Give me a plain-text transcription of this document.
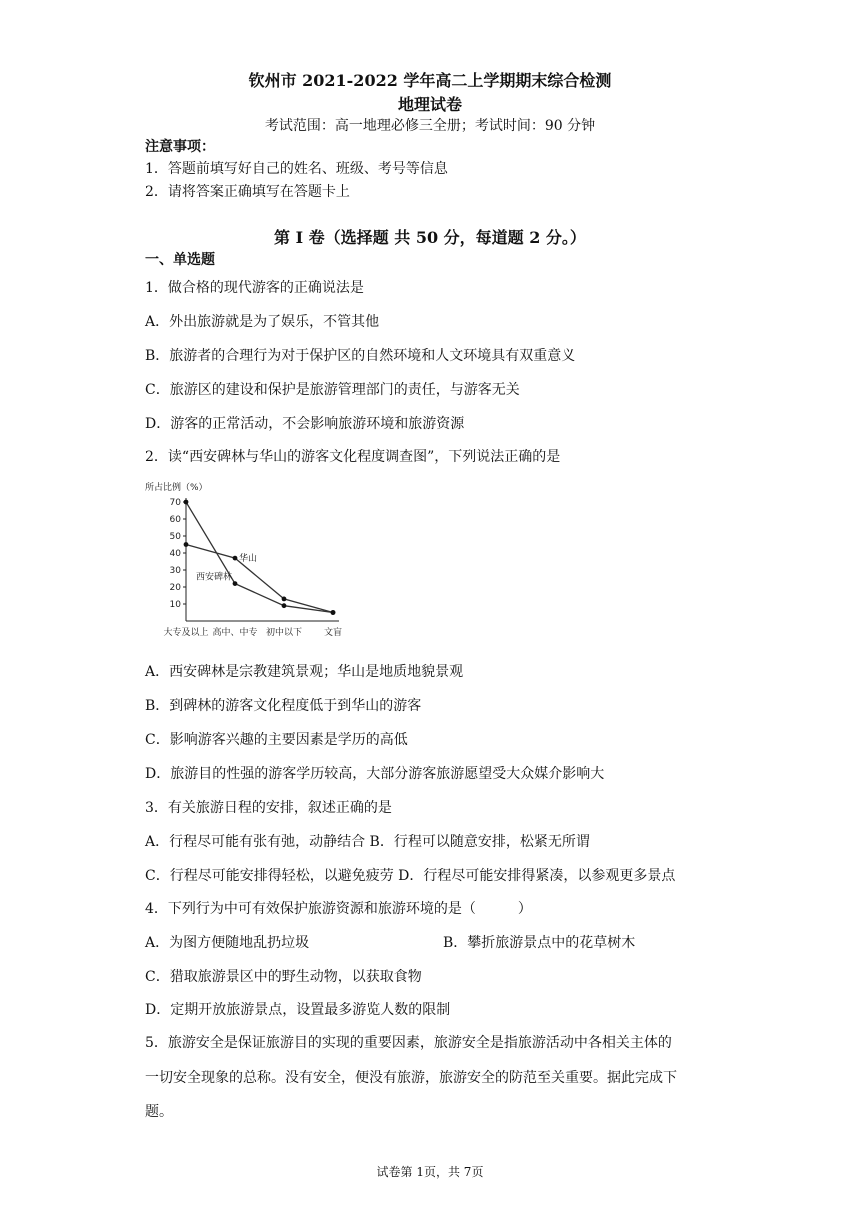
钦州市 2021-2022 学年高二上学期期末综合检测
地理试卷
考试范围：高一地理必修三全册；考试时间：90 分钟
注意事项：
1．答题前填写好自己的姓名、班级、考号等信息
2．请将答案正确填写在答题卡上
第 I 卷（选择题 共 50 分，每道题 2 分。）
一、单选题
1．做合格的现代游客的正确说法是
A．外出旅游就是为了娱乐，不管其他
B．旅游者的合理行为对于保护区的自然环境和人文环境具有双重意义
C．旅游区的建设和保护是旅游管理部门的责任，与游客无关
D．游客的正常活动，不会影响旅游环境和旅游资源
2．读“西安碑林与华山的游客文化程度调查图”，下列说法正确的是
所占比例（%）
10
20
30
40
50
60
70
大专及以上 高中、中专 初中以下 文盲
华山
西安碑林
A．西安碑林是宗教建筑景观；华山是地质地貌景观
B．到碑林的游客文化程度低于到华山的游客
C．影响游客兴趣的主要因素是学历的高低
D．旅游目的性强的游客学历较高，大部分游客旅游愿望受大众媒介影响大
3．有关旅游日程的安排，叙述正确的是
A．行程尽可能有张有弛，动静结合 B．行程可以随意安排，松紧无所谓
C．行程尽可能安排得轻松，以避免疲劳 D．行程尽可能安排得紧凑，以参观更多景点
4．下列行为中可有效保护旅游资源和旅游环境的是（　　　）
A．为图方便随地乱扔垃圾	B．攀折旅游景点中的花草树木
C．猎取旅游景区中的野生动物，以获取食物
D．定期开放旅游景点，设置最多游览人数的限制
5．旅游安全是保证旅游目的实现的重要因素，旅游安全是指旅游活动中各相关主体的
一切安全现象的总称。没有安全，便没有旅游，旅游安全的防范至关重要。据此完成下
题。
试卷第 1页，共 7页
